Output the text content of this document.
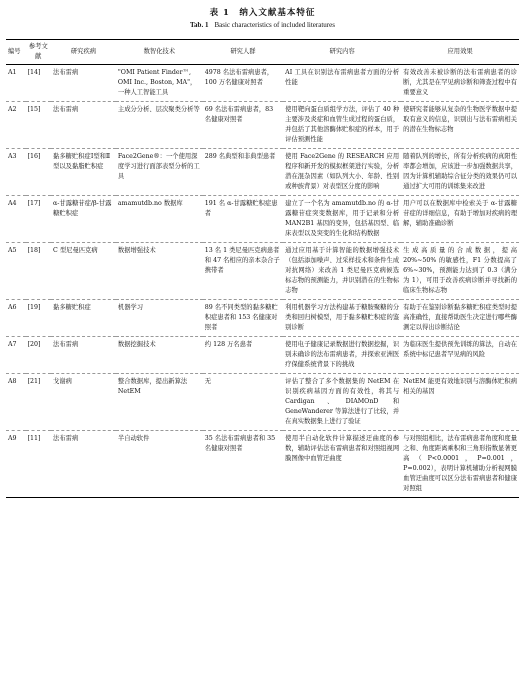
表 1　纳入文献基本特征
Tab. 1 Basic characteristics of included literatures
编号	参考文献	研究疾病	数智化技术	研究人群	研究内容	应用效果
A1	[14]	法布雷病	"OMI Patient Finder™, OMI Inc., Boston, MA"，一种人工智能工具	4978 名法布雷病患者，100 万名健康对照者	AI 工具在识别法布雷病患者方面的分析性能	有效改善未被诊断的法布雷病患者的诊断，尤其是在罕见病诊断和筛查过程中有重要意义
A2	[15]	法布雷病	主成分分析、层次聚类分析等	69 名法布雷病患者，83 名健康对照者	使用靶向蛋白质组学方法，评估了 40 种主要涉及炎症和血管生成过程的蛋白质，并包括了其他溶酶体贮积症的样本，用于评估预测性能	使研究者能够从复杂的生物医学数据中提取有意义的信息，识别出与法布雷病相关的潜在生物标志物
A3	[16]	黏多糖贮积症Ⅰ型和Ⅱ型以及黏脂贮积症	Face2Gene®：一个使用深度学习进行面部表型分析的工具	289 名典型和非典型患者	使用 Face2Gene 的 RESEARCH 应用程序和新开发的模拟框架进行实验，分析潜在混杂因素（如队列大小、年龄、性别或种族背景）对表型区分度的影响	随着队列的增长，所有分析疾病的真阳性率都会增加，应该进一步加强数据共享，因为计算机辅助综合征分类的效果仍可以通过扩大可用的训练集来改进
A4	[17]	α-甘露糖苷症/β-甘露糖贮积症	amamutdb.no 数据库	191 名 α-甘露糖贮积症患者	建立了一个名为 amamutdb.no 的 α-甘露糖苷症突变数据库，用于记录和分析 MAN2B1 基因的变异，包括基因型、临床表型以及突变的生化和结构数据	用户可以在数据库中检索关于 α-甘露糖苷症的详细信息，有助于增加对疾病的理解，辅助准确诊断
A5	[18]	C 型尼曼匹克病	数据增强技术	13 名 1 类尼曼匹克病患者和 47 名相应的亲本杂合子携带者	通过应用基于计算智能的数据增强技术（包括添加噪声、过采样技术和条件生成对抗网络）来改善 1 类尼曼匹克病候选标志物的预测能力，并识别潜在的生物标志物	生成高质量的合成数据，提高 20%~50% 的敏感性，F1 分数提高了 6%~30%，预测能力达到了 0.3（满分为 1），可用于改善疾病诊断并寻找新的临床生物标志物
A6	[19]	黏多糖贮积症	机器学习	89 名不同类型的黏多糖贮积症患者和 153 名健康对照者	利用机器学习方法构建基于糖胺聚糖的分类和回归树模型，用于黏多糖贮积症的鉴别诊断	有助于在鉴别诊断黏多糖贮积症类型时提高准确性，直接帮助医生决定进行哪些酶测定以得出诊断结论
A7	[20]	法布雷病	数据挖掘技术	约 128 万名患者	使用电子健康记录数据进行数据挖掘，识别未确诊的法布雷病患者，并探索亚洲医疗保健系统背景下的挑战	为临床医生提供预先训练的算法，自动在系统中标记患者罕见病的风险
A8	[21]	戈谢病	整合数据库，提出新算法 NetEM	无	评估了整合了多个数据集的 NetEM 在识别疾病基因方面的有效性，将其与 Cardigan、DIAMOnD 和 GeneWanderer 等算法进行了比较，并在真实数据集上进行了验证	NetEM 能更有效地识别与溶酶体贮积病相关的基因
A9	[11]	法布雷病	半自动软件	35 名法布雷病患者和 35 名健康对照者	使用半自动化软件计算描述迂曲度的参数，辅助评估法布雷病患者和对照组视网膜图像中血管迂曲度	与对照组相比，法布雷病患者角度和度量之和、角度距离乘积和三角形指数显著更高（P<0.0001，P=0.001，P=0.002），表明计算机辅助分析视网膜血管迂曲度可以区分法布雷病患者和健康对照组
